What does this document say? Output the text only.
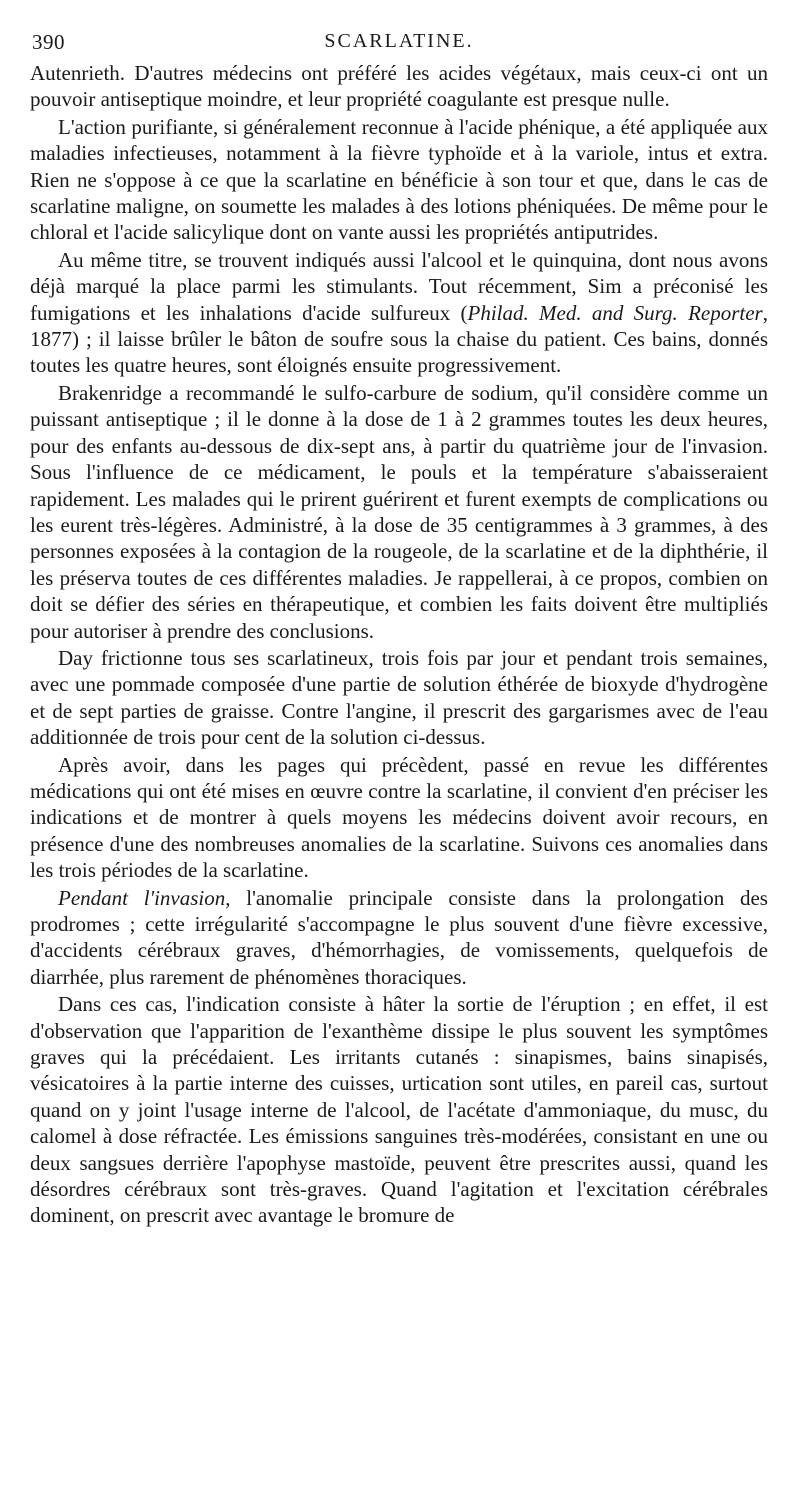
390	SCARLATINE.

Autenrieth. D'autres médecins ont préféré les acides végétaux, mais ceux-ci ont un pouvoir antiseptique moindre, et leur propriété coagulante est presque nulle.

L'action purifiante, si généralement reconnue à l'acide phénique, a été appliquée aux maladies infectieuses, notamment à la fièvre typhoïde et à la variole, intus et extra. Rien ne s'oppose à ce que la scarlatine en bénéficie à son tour et que, dans le cas de scarlatine maligne, on soumette les malades à des lotions phéniquées. De même pour le chloral et l'acide salicylique dont on vante aussi les propriétés antiputrides.

Au même titre, se trouvent indiqués aussi l'alcool et le quinquina, dont nous avons déjà marqué la place parmi les stimulants. Tout récemment, Sim a préconisé les fumigations et les inhalations d'acide sulfureux (Philad. Med. and Surg. Reporter, 1877) ; il laisse brûler le bâton de soufre sous la chaise du patient. Ces bains, donnés toutes les quatre heures, sont éloignés ensuite progressivement.

Brakenridge a recommandé le sulfo-carbure de sodium, qu'il considère comme un puissant antiseptique ; il le donne à la dose de 1 à 2 grammes toutes les deux heures, pour des enfants au-dessous de dix-sept ans, à partir du quatrième jour de l'invasion. Sous l'influence de ce médicament, le pouls et la température s'abaisseraient rapidement. Les malades qui le prirent guérirent et furent exempts de complications ou les eurent très-légères. Administré, à la dose de 35 centigrammes à 3 grammes, à des personnes exposées à la contagion de la rougeole, de la scarlatine et de la diphthérie, il les préserva toutes de ces différentes maladies. Je rappellerai, à ce propos, combien on doit se défier des séries en thérapeutique, et combien les faits doivent être multipliés pour autoriser à prendre des conclusions.

Day frictionne tous ses scarlatineux, trois fois par jour et pendant trois semaines, avec une pommade composée d'une partie de solution éthérée de bioxyde d'hydrogène et de sept parties de graisse. Contre l'angine, il prescrit des gargarismes avec de l'eau additionnée de trois pour cent de la solution ci-dessus.

Après avoir, dans les pages qui précèdent, passé en revue les différentes médications qui ont été mises en œuvre contre la scarlatine, il convient d'en préciser les indications et de montrer à quels moyens les médecins doivent avoir recours, en présence d'une des nombreuses anomalies de la scarlatine. Suivons ces anomalies dans les trois périodes de la scarlatine.

Pendant l'invasion, l'anomalie principale consiste dans la prolongation des prodromes ; cette irrégularité s'accompagne le plus souvent d'une fièvre excessive, d'accidents cérébraux graves, d'hémorrhagies, de vomissements, quelquefois de diarrhée, plus rarement de phénomènes thoraciques.

Dans ces cas, l'indication consiste à hâter la sortie de l'éruption ; en effet, il est d'observation que l'apparition de l'exanthème dissipe le plus souvent les symptômes graves qui la précédaient. Les irritants cutanés : sinapismes, bains sinapisés, vésicatoires à la partie interne des cuisses, urtication sont utiles, en pareil cas, surtout quand on y joint l'usage interne de l'alcool, de l'acétate d'ammoniaque, du musc, du calomel à dose réfractée. Les émissions sanguines très-modérées, consistant en une ou deux sangsues derrière l'apophyse mastoïde, peuvent être prescrites aussi, quand les désordres cérébraux sont très-graves. Quand l'agitation et l'excitation cérébrales dominent, on prescrit avec avantage le bromure de
